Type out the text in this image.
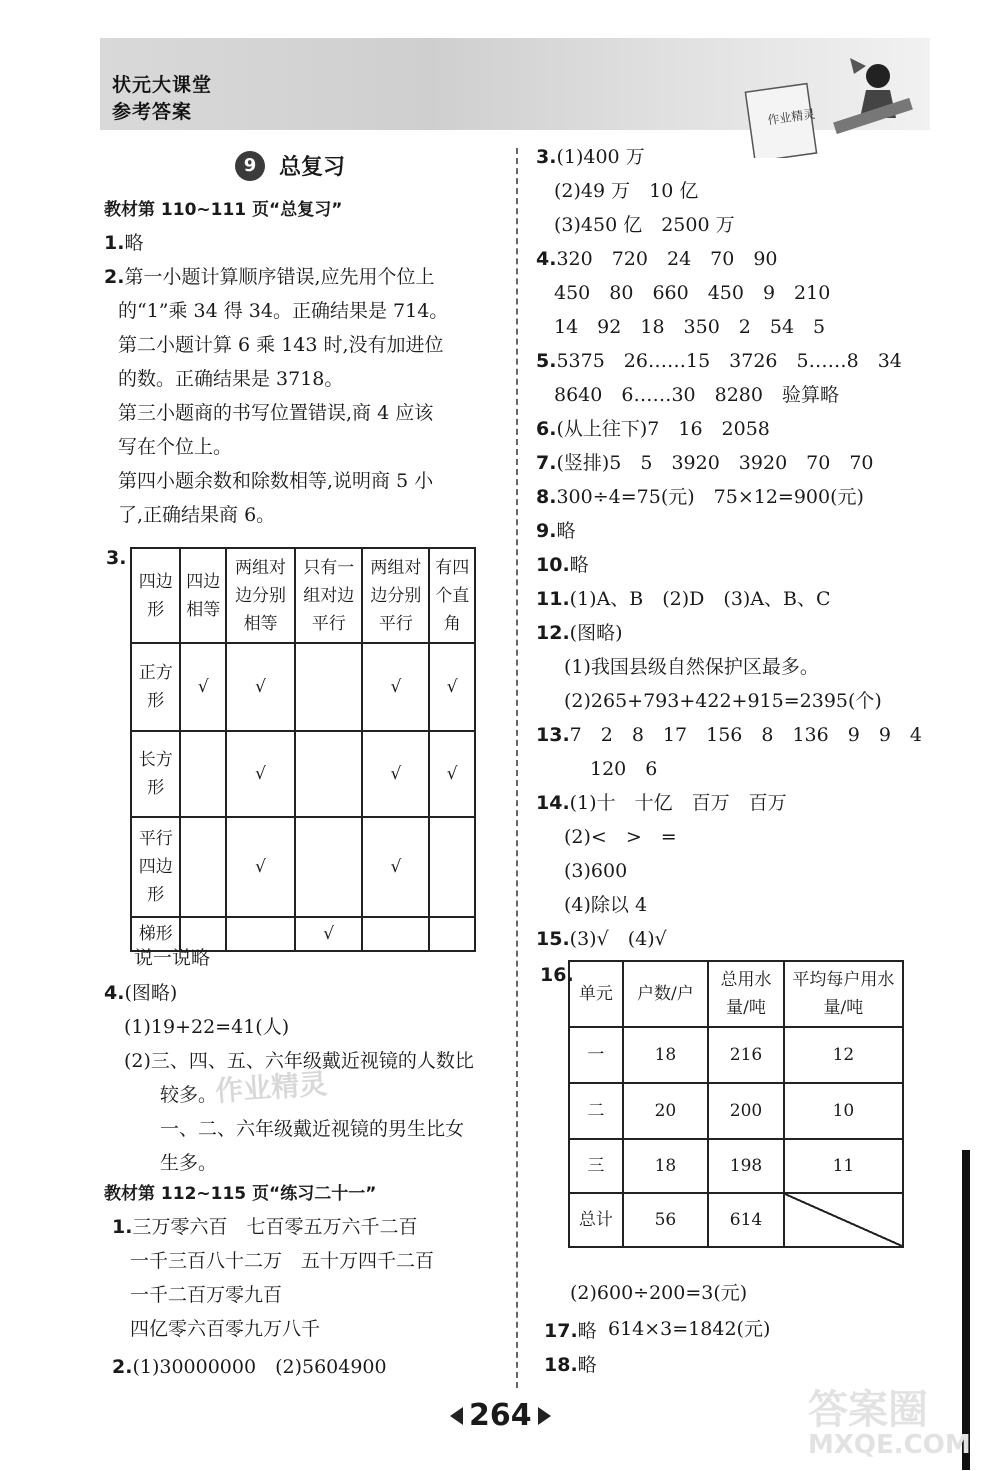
状元大课堂
参考答案	作业精灵
9	总复习
教材第 110~111 页“总复习”
1.略
2.第一小题计算顺序错误,应先用个位上
的“1”乘 34 得 34。正确结果是 714。
第二小题计算 6 乘 143 时,没有加进位
的数。正确结果是 3718。
第三小题商的书写位置错误,商 4 应该
写在个位上。
第四小题余数和除数相等,说明商 5 小
了,正确结果商 6。
3.
四边形	四边相等	两组对边分别相等	只有一组对边平行	两组对边分别平行	有四个直角
正方形	√	√		√	√
长方形		√		√	√
平行四边形		√		√	
梯形			√		
说一说略
4.(图略)
(1)19+22=41(人)
(2)三、四、五、六年级戴近视镜的人数比
较多。
一、二、六年级戴近视镜的男生比女
生多。
作业精灵
教材第 112~115 页“练习二十一”
1.三万零六百　七百零五万六千二百
一千三百八十二万　五十万四千二百
一千二百万零九百
四亿零六百零九万八千
2.(1)30000000　(2)5604900
3.(1)400 万
(2)49 万　10 亿
(3)450 亿　2500 万
4.320　720　24　70　90
450　80　660　450　9　210
14　92　18　350　2　54　5
5.5375　26……15　3726　5……8　34
8640　6……30　8280　验算略
6.(从上往下)7　16　2058
7.(竖排)5　5　3920　3920　70　70
8.300÷4=75(元)　75×12=900(元)
9.略
10.略
11.(1)A、B　(2)D　(3)A、B、C
12.(图略)
(1)我国县级自然保护区最多。
(2)265+793+422+915=2395(个)
13.7　2　8　17　156　8　136　9　9　4
120　6
14.(1)十　十亿　百万　百万
(2)<　>　=
(3)600
(4)除以 4
15.(3)√　(4)√
16.
单元	户数/户	总用水量/吨	平均每户用水量/吨
一	18	216	12
二	20	200	10
三	18	198	11
总计	56	614	
(2)600÷200=3(元)
614×3=1842(元)
17.略
18.略
264	答案圈
MXQE.COM
